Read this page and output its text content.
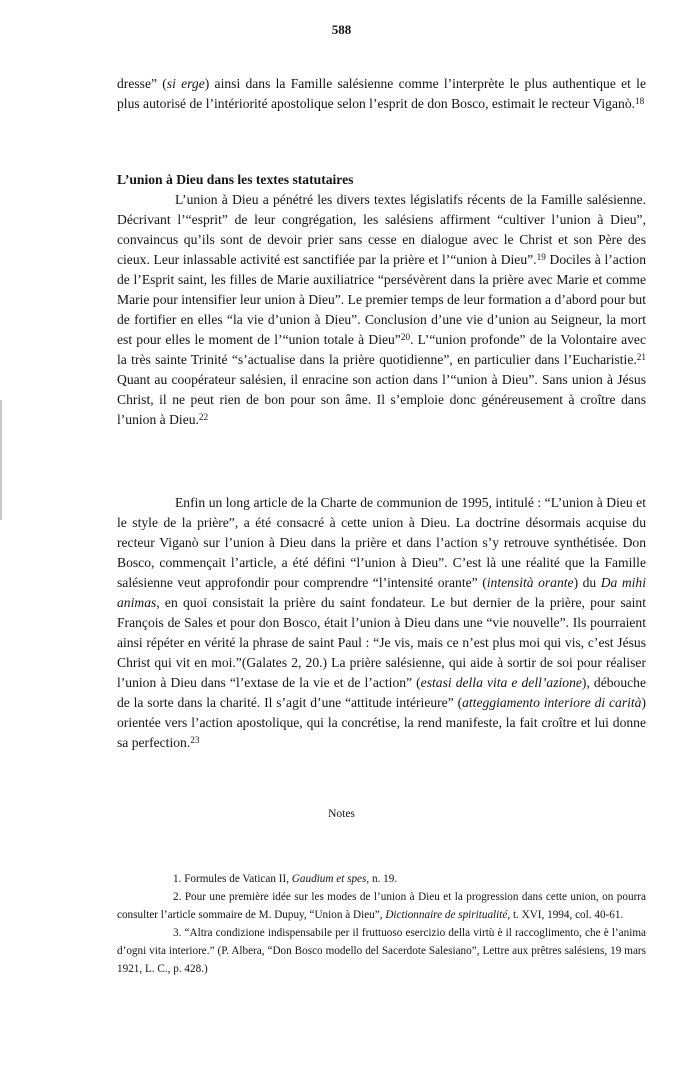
588

dresse” (si erge) ainsi dans la Famille salésienne comme l’interprète le plus authentique et le plus autorisé de l’intériorité apostolique selon l’esprit de don Bosco, estimait le recteur Viganò.$^{18}$

L’union à Dieu dans les textes statutaires

L’union à Dieu a pénétré les divers textes législatifs récents de la Famille salésienne. Décrivant l’“esprit” de leur congrégation, les salésiens affirment “cultiver l’union à Dieu”, convaincus qu’ils sont de devoir prier sans cesse en dialogue avec le Christ et son Père des cieux. Leur inlassable activité est sanctifiée par la prière et l’“union à Dieu”.$^{19}$ Dociles à l’action de l’Esprit saint, les filles de Marie auxiliatrice “persévèrent dans la prière avec Marie et comme Marie pour intensifier leur union à Dieu”. Le premier temps de leur formation a d’abord pour but de fortifier en elles “la vie d’union à Dieu”. Conclusion d’une vie d’union au Seigneur, la mort est pour elles le moment de l’“union totale à Dieu”$^{20}$. L’“union profonde” de la Volontaire avec la très sainte Trinité “s’actualise dans la prière quotidienne”, en particulier dans l’Eucharistie.$^{21}$ Quant au coopérateur salésien, il enracine son action dans l’“union à Dieu”. Sans union à Jésus Christ, il ne peut rien de bon pour son âme. Il s’emploie donc généreusement à croître dans l’union à Dieu.$^{22}$

Enfin un long article de la Charte de communion de 1995, intitulé : “L’union à Dieu et le style de la prière”, a été consacré à cette union à Dieu. La doctrine désormais acquise du recteur Viganò sur l’union à Dieu dans la prière et dans l’action s’y retrouve synthétisée. Don Bosco, commençait l’article, a été défini “l’union à Dieu”. C’est là une réalité que la Famille salésienne veut approfondir pour comprendre “l’intensité orante” (intensità orante) du Da mihi animas, en quoi consistait la prière du saint fondateur. Le but dernier de la prière, pour saint François de Sales et pour don Bosco, était l’union à Dieu dans une “vie nouvelle”. Ils pourraient ainsi répéter en vérité la phrase de saint Paul : “Je vis, mais ce n’est plus moi qui vis, c’est Jésus Christ qui vit en moi.”(Galates 2, 20.) La prière salésienne, qui aide à sortir de soi pour réaliser l’union à Dieu dans “l’extase de la vie et de l’action” (estasi della vita e dell’azione), débouche de la sorte dans la charité. Il s’agit d’une “attitude intérieure” (atteggiamento interiore di carità) orientée vers l’action apostolique, qui la concrétise, la rend manifeste, la fait croître et lui donne sa perfection.$^{23}$

Notes
1. Formules de Vatican II, Gaudium et spes, n. 19.
2. Pour une première idée sur les modes de l’union à Dieu et la progression dans cette union, on pourra consulter l’article sommaire de M. Dupuy, “Union à Dieu”, Dictionnaire de spiritualité, t. XVI, 1994, col. 40-61.
3. “Altra condizione indispensabile per il fruttuoso esercizio della virtù è il raccoglimento, che è l’anima d’ogni vita interiore.” (P. Albera, “Don Bosco modello del Sacerdote Salesiano”, Lettre aux prêtres salésiens, 19 mars 1921, L. C., p. 428.)
